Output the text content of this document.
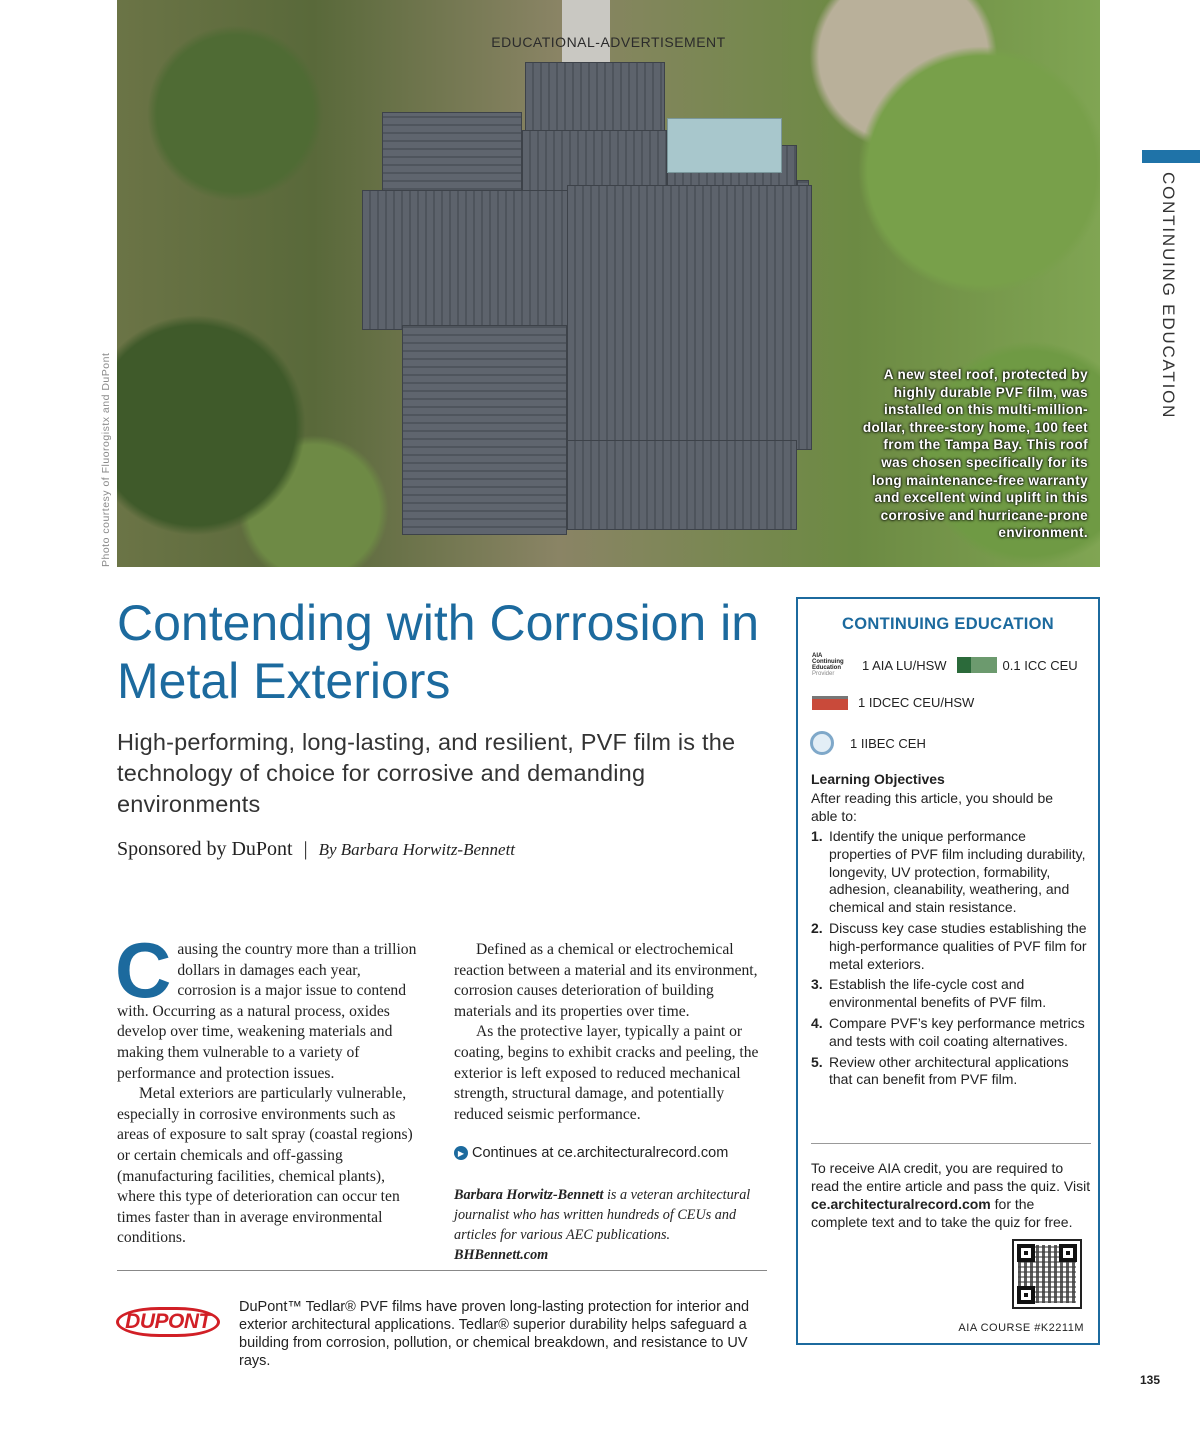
EDUCATIONAL-ADVERTISEMENT
A new steel roof, protected by highly durable PVF film, was installed on this multi-million-dollar, three-story home, 100 feet from the Tampa Bay. This roof was chosen specifically for its long maintenance-free warranty and excellent wind uplift in this corrosive and hurricane-prone environment.
Photo courtesy of Fluorogistx and DuPont
CONTINUING EDUCATION
Contending with Corrosion in Metal Exteriors
High-performing, long-lasting, and resilient, PVF film is the technology of choice for corrosive and demanding environments
Sponsored by DuPont | By Barbara Horwitz-Bennett

Causing the country more than a trillion dollars in damages each year, corrosion is a major issue to contend with. Occurring as a natural process, oxides develop over time, weakening materials and making them vulnerable to a variety of performance and protection issues.

Metal exteriors are particularly vulnerable, especially in corrosive environments such as areas of exposure to salt spray (coastal regions) or certain chemicals and off-gassing (manufacturing facilities, chemical plants), where this type of deterioration can occur ten times faster than in average environmental conditions.

Defined as a chemical or electrochemical reaction between a material and its environment, corrosion causes deterioration of building materials and its properties over time.

As the protective layer, typically a paint or coating, begins to exhibit cracks and peeling, the exterior is left exposed to reduced mechanical strength, structural damage, and potentially reduced seismic performance.

▶ Continues at ce.architecturalrecord.com
Barbara Horwitz-Bennett is a veteran architectural journalist who has written hundreds of CEUs and articles for various AEC publications. BHBennett.com
CONTINUING EDUCATION
AIA
Continuing
Education
Provider
1 AIA LU/HSW	0.1 ICC CEU
1 IDCEC CEU/HSW
1 IIBEC CEH
Learning Objectives
After reading this article, you should be able to:
1. Identify the unique performance properties of PVF film including durability, longevity, UV protection, formability, adhesion, cleanability, weathering, and chemical and stain resistance.
2. Discuss key case studies establishing the high-performance qualities of PVF film for metal exteriors.
3. Establish the life-cycle cost and environmental benefits of PVF film.
4. Compare PVF’s key performance metrics and tests with coil coating alternatives.
5. Review other architectural applications that can benefit from PVF film.
To receive AIA credit, you are required to read the entire article and pass the quiz. Visit ce.architecturalrecord.com for the complete text and to take the quiz for free.
AIA COURSE #K2211M
DUPONT
DuPont™ Tedlar® PVF films have proven long-lasting protection for interior and exterior architectural applications. Tedlar® superior durability helps safeguard a building from corrosion, pollution, or chemical breakdown, and resistance to UV rays.
135
